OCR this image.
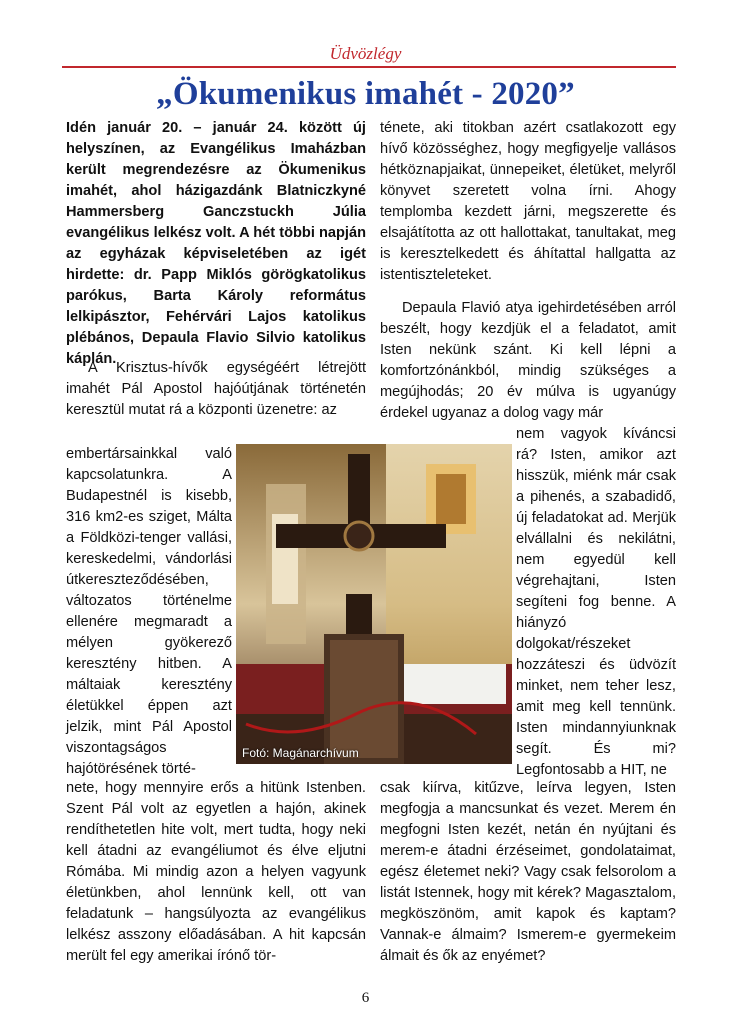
Üdvözlégy
„Ökumenikus imahét - 2020”

Idén január 20. – január 24. között új helyszínen, az Evangélikus Imaházban került megrendezésre az Ökumenikus imahét, ahol házigazdánk Blatniczkyné Hammersberg Ganczstuckh Júlia evangélikus lelkész volt. A hét többi napján az egyházak képviseletében az igét hirdette: dr. Papp Miklós görögkatolikus parókus, Barta Károly református lelkipásztor, Fehérvári Lajos katolikus plébános, Depaula Flavio Silvio katolikus káplán.

A Krisztus-hívők egységéért létrejött imahét Pál Apostol hajóútjának történetén keresztül mutat rá a központi üzenetre: az

embertársainkkal való kapcsolatunkra. A Budapestnél is kisebb, 316 km2-es sziget, Málta a Földközi-tenger vallási, kereskedelmi, vándorlási útkereszteződésében, változatos történelme ellenére megmaradt a mélyen gyökerező keresztény hitben. A máltaiak keresztény életükkel éppen azt jelzik, mint Pál Apostol viszontagságos hajótörésének törté-

nete, hogy mennyire erős a hitünk Istenben. Szent Pál volt az egyetlen a hajón, akinek rendíthetetlen hite volt, mert tudta, hogy neki kell átadni az evangéliumot és élve eljutni Rómába. Mi mindig azon a helyen vagyunk életünkben, ahol lennünk kell, ott van feladatunk – hangsúlyozta az evangélikus lelkész asszony előadásában. A hit kapcsán merült fel egy amerikai írónő tör-

ténete, aki titokban azért csatlakozott egy hívő közösséghez, hogy megfigyelje vallásos hétköznapjaikat, ünnepeiket, életüket, melyről könyvet szeretett volna írni. Ahogy templomba kezdett járni, megszerette és elsajátította az ott hallottakat, tanultakat, meg is keresztelkedett és áhítattal hallgatta az istentiszteleteket.

Depaula Flavió atya igehirdetésében arról beszélt, hogy kezdjük el a feladatot, amit Isten nekünk szánt. Ki kell lépni a komfortzónánkból, mindig szükséges a megújhodás; 20 év múlva is ugyanúgy érdekel ugyanaz a dolog vagy már

nem vagyok kíváncsi rá? Isten, amikor azt hisszük, miénk már csak a pihenés, a szabadidő, új feladatokat ad. Merjük elvállalni és nekilátni, nem egyedül kell végrehajtani, Isten segíteni fog benne. A hiányzó dolgokat/részeket hozzáteszi és üdvözít minket, nem teher lesz, amit meg kell tennünk. Isten mindannyiunknak segít. És mi? Legfontosabb a HIT, ne

csak kiírva, kitűzve, leírva legyen, Isten megfogja a mancsunkat és vezet. Merem én megfogni Isten kezét, netán én nyújtani és merem-e átadni érzéseimet, gondolataimat, egész életemet neki? Vagy csak felsorolom a listát Istennek, hogy mit kérek? Magasztalom, megköszönöm, amit kapok és kaptam? Vannak-e álmaim? Ismerem-e gyermekeim álmait és ők az enyémet?

Fotó: Magánarchívum
6
